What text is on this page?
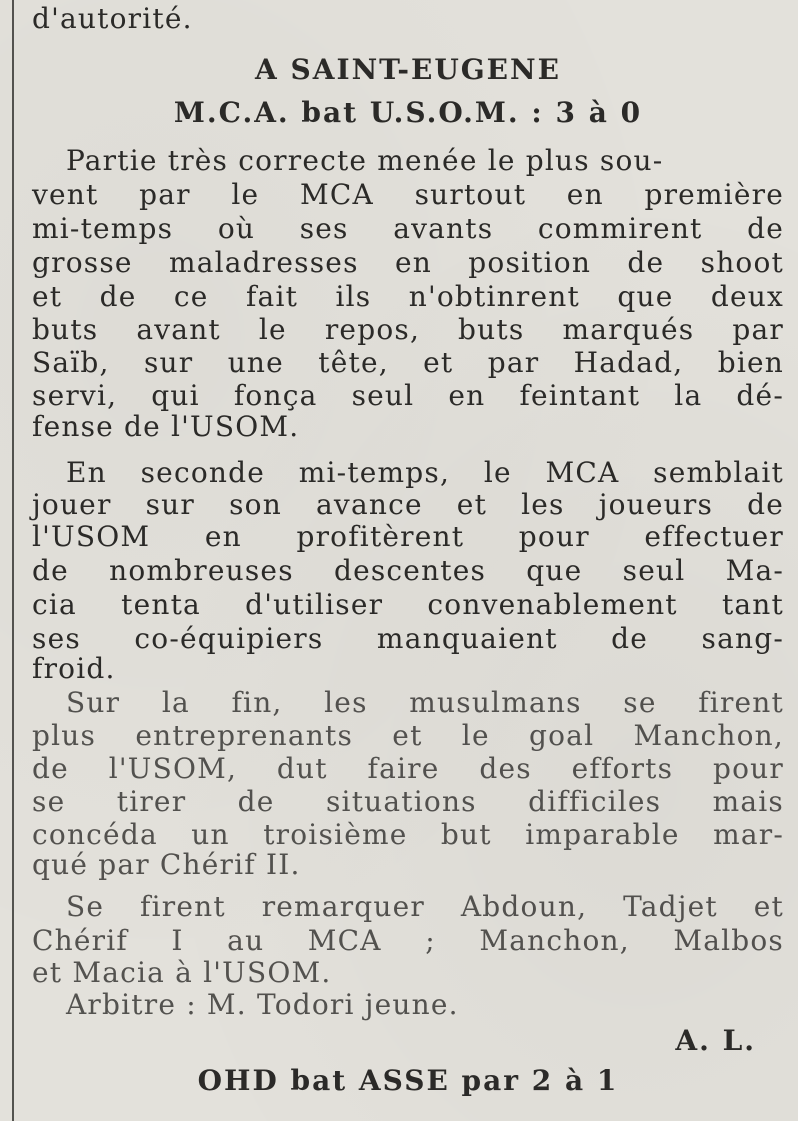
d'autorité.
A SAINT-EUGENE
M.C.A. bat U.S.O.M. : 3 à 0
Partie très correcte menée le plus sou-
vent par le MCA surtout en première
mi-temps où ses avants commirent de
grosse maladresses en position de shoot
et de ce fait ils n'obtinrent que deux
buts avant le repos, buts marqués par
Saïb, sur une tête, et par Hadad, bien
servi, qui fonça seul en feintant la dé-
fense de l'USOM.
En seconde mi-temps, le MCA semblait
jouer sur son avance et les joueurs de
l'USOM en profitèrent pour effectuer
de nombreuses descentes que seul Ma-
cia tenta d'utiliser convenablement tant
ses co-équipiers manquaient de sang-
froid.
Sur la fin, les musulmans se firent
plus entreprenants et le goal Manchon,
de l'USOM, dut faire des efforts pour
se tirer de situations difficiles mais
concéda un troisième but imparable mar-
qué par Chérif II.
Se firent remarquer Abdoun, Tadjet et
Chérif I au MCA ; Manchon, Malbos
et Macia à l'USOM.
Arbitre : M. Todori jeune.
A. L.
OHD bat ASSE par 2 à 1
